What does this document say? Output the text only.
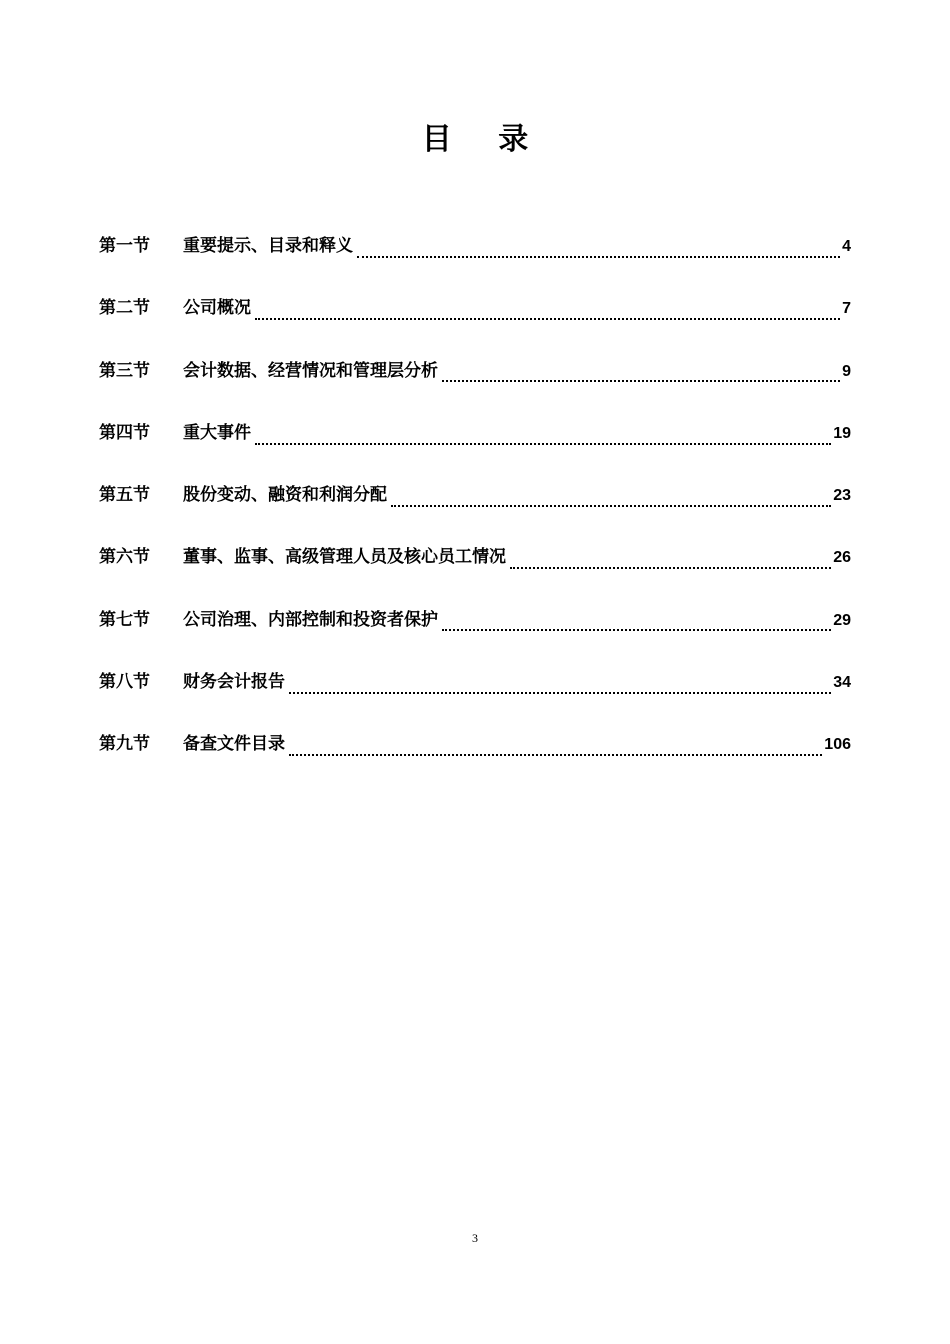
目 录
第一节	重要提示、目录和释义	4
第二节	公司概况	7
第三节	会计数据、经营情况和管理层分析	9
第四节	重大事件	19
第五节	股份变动、融资和利润分配	23
第六节	董事、监事、高级管理人员及核心员工情况	26
第七节	公司治理、内部控制和投资者保护	29
第八节	财务会计报告	34
第九节	备查文件目录	106
3
